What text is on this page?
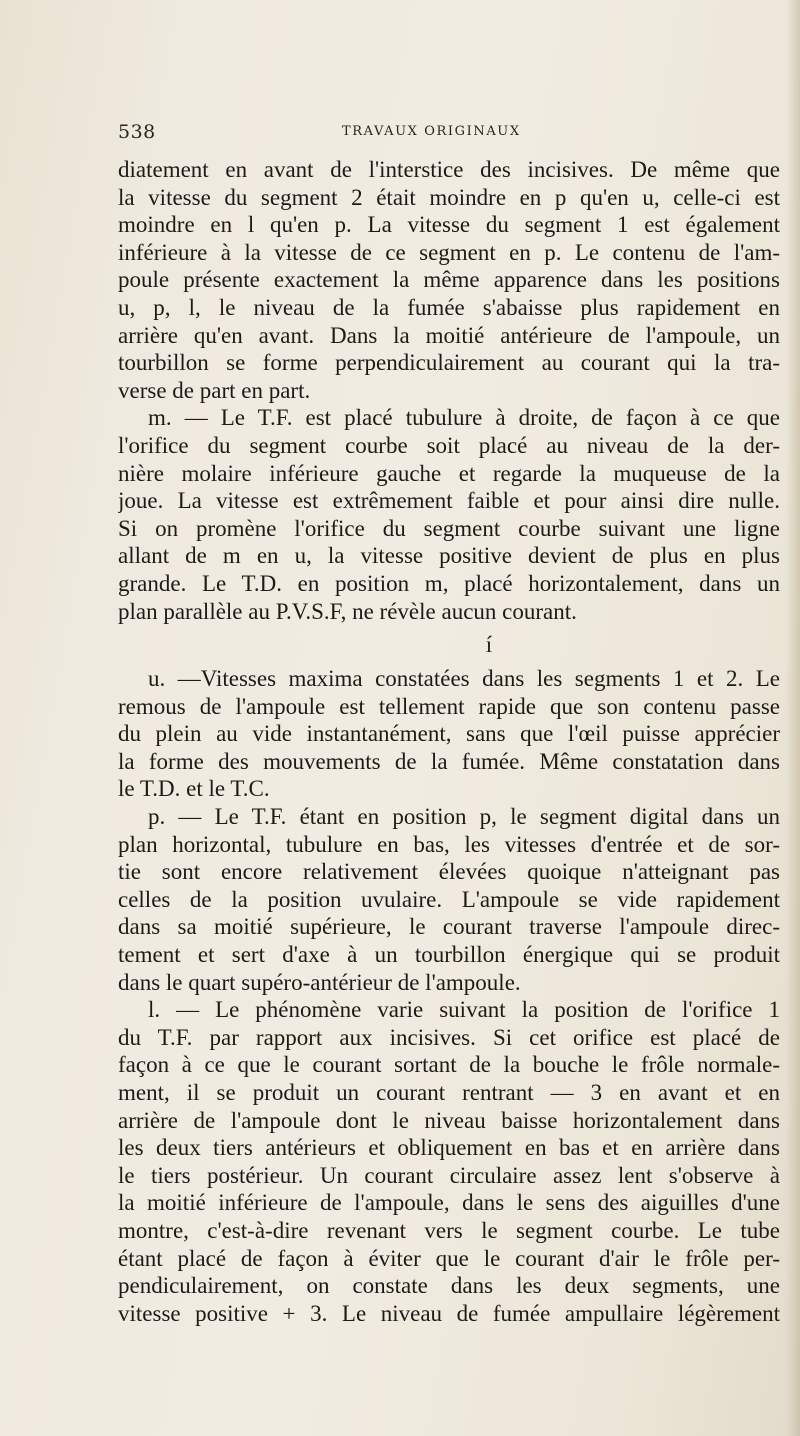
538	TRAVAUX ORIGINAUX

diatement en avant de l'interstice des incisives. De même que
la vitesse du segment 2 était moindre en p qu'en u, celle-ci est
moindre en l qu'en p. La vitesse du segment 1 est également
inférieure à la vitesse de ce segment en p. Le contenu de l'am-
poule présente exactement la même apparence dans les positions
u, p, l, le niveau de la fumée s'abaisse plus rapidement en
arrière qu'en avant. Dans la moitié antérieure de l'ampoule, un
tourbillon se forme perpendiculairement au courant qui la tra-
verse de part en part.

m. — Le T.F. est placé tubulure à droite, de façon à ce que
l'orifice du segment courbe soit placé au niveau de la der-
nière molaire inférieure gauche et regarde la muqueuse de la
joue. La vitesse est extrêmement faible et pour ainsi dire nulle.
Si on promène l'orifice du segment courbe suivant une ligne
allant de m en u, la vitesse positive devient de plus en plus
grande. Le T.D. en position m, placé horizontalement, dans un
plan parallèle au P.V.S.F, ne révèle aucun courant.

í

u. —Vitesses maxima constatées dans les segments 1 et 2. Le
remous de l'ampoule est tellement rapide que son contenu passe
du plein au vide instantanément, sans que l'œil puisse apprécier
la forme des mouvements de la fumée. Même constatation dans
le T.D. et le T.C.

p. — Le T.F. étant en position p, le segment digital dans un
plan horizontal, tubulure en bas, les vitesses d'entrée et de sor-
tie sont encore relativement élevées quoique n'atteignant pas
celles de la position uvulaire. L'ampoule se vide rapidement
dans sa moitié supérieure, le courant traverse l'ampoule direc-
tement et sert d'axe à un tourbillon énergique qui se produit
dans le quart supéro-antérieur de l'ampoule.

l. — Le phénomène varie suivant la position de l'orifice 1
du T.F. par rapport aux incisives. Si cet orifice est placé de
façon à ce que le courant sortant de la bouche le frôle normale-
ment, il se produit un courant rentrant — 3 en avant et en
arrière de l'ampoule dont le niveau baisse horizontalement dans
les deux tiers antérieurs et obliquement en bas et en arrière dans
le tiers postérieur. Un courant circulaire assez lent s'observe à
la moitié inférieure de l'ampoule, dans le sens des aiguilles d'une
montre, c'est-à-dire revenant vers le segment courbe. Le tube
étant placé de façon à éviter que le courant d'air le frôle per-
pendiculairement, on constate dans les deux segments, une
vitesse positive + 3. Le niveau de fumée ampullaire légèrement
